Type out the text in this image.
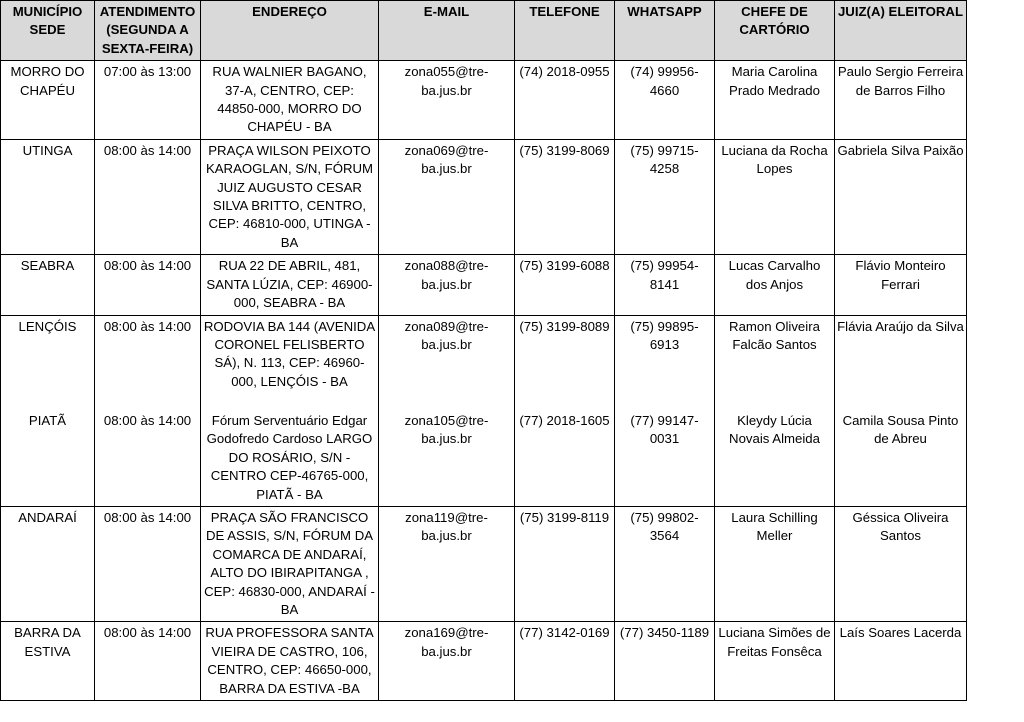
MUNICÍPIO SEDE	ATENDIMENTO (SEGUNDA A SEXTA-FEIRA)	ENDEREÇO	E-MAIL	TELEFONE	WHATSAPP	CHEFE DE CARTÓRIO	JUIZ(A) ELEITORAL
MORRO DO CHAPÉU	07:00 às 13:00	RUA WALNIER BAGANO, 37-A, CENTRO, CEP: 44850-000, MORRO DO CHAPÉU - BA	zona055@tre-ba.jus.br	(74) 2018-0955	(74) 99956-4660	Maria Carolina Prado Medrado	Paulo Sergio Ferreira de Barros Filho
UTINGA	08:00 às 14:00	PRAÇA WILSON PEIXOTO KARAOGLAN, S/N, FÓRUM JUIZ AUGUSTO CESAR SILVA BRITTO, CENTRO, CEP: 46810-000, UTINGA - BA	zona069@tre-ba.jus.br	(75) 3199-8069	(75) 99715-4258	Luciana da Rocha Lopes	Gabriela Silva Paixão
SEABRA	08:00 às 14:00	RUA 22 DE ABRIL, 481, SANTA LÚZIA, CEP: 46900-000, SEABRA - BA	zona088@tre-ba.jus.br	(75) 3199-6088	(75) 99954-8141	Lucas Carvalho dos Anjos	Flávio Monteiro Ferrari
LENÇÓIS	08:00 às 14:00	RODOVIA BA 144 (AVENIDA CORONEL FELISBERTO SÁ), N. 113, CEP: 46960-000, LENÇÓIS - BA	zona089@tre-ba.jus.br	(75) 3199-8089	(75) 99895-6913	Ramon Oliveira Falcão Santos	Flávia Araújo da Silva
PIATÃ	08:00 às 14:00	Fórum Serventuário Edgar Godofredo Cardoso LARGO DO ROSÁRIO, S/N - CENTRO CEP-46765-000, PIATÃ - BA	zona105@tre-ba.jus.br	(77) 2018-1605	(77) 99147-0031	Kleydy Lúcia Novais Almeida	Camila Sousa Pinto de Abreu
ANDARAÍ	08:00 às 14:00	PRAÇA SÃO FRANCISCO DE ASSIS, S/N, FÓRUM DA COMARCA DE ANDARAÍ, ALTO DO IBIRAPITANGA , CEP: 46830-000, ANDARAÍ - BA	zona119@tre-ba.jus.br	(75) 3199-8119	(75) 99802-3564	Laura Schilling Meller	Géssica Oliveira Santos
BARRA DA ESTIVA	08:00 às 14:00	RUA PROFESSORA SANTA VIEIRA DE CASTRO, 106, CENTRO, CEP: 46650-000, BARRA DA ESTIVA -BA	zona169@tre-ba.jus.br	(77) 3142-0169	(77) 3450-1189	Luciana Simões de Freitas Fonsêca	Laís Soares Lacerda
